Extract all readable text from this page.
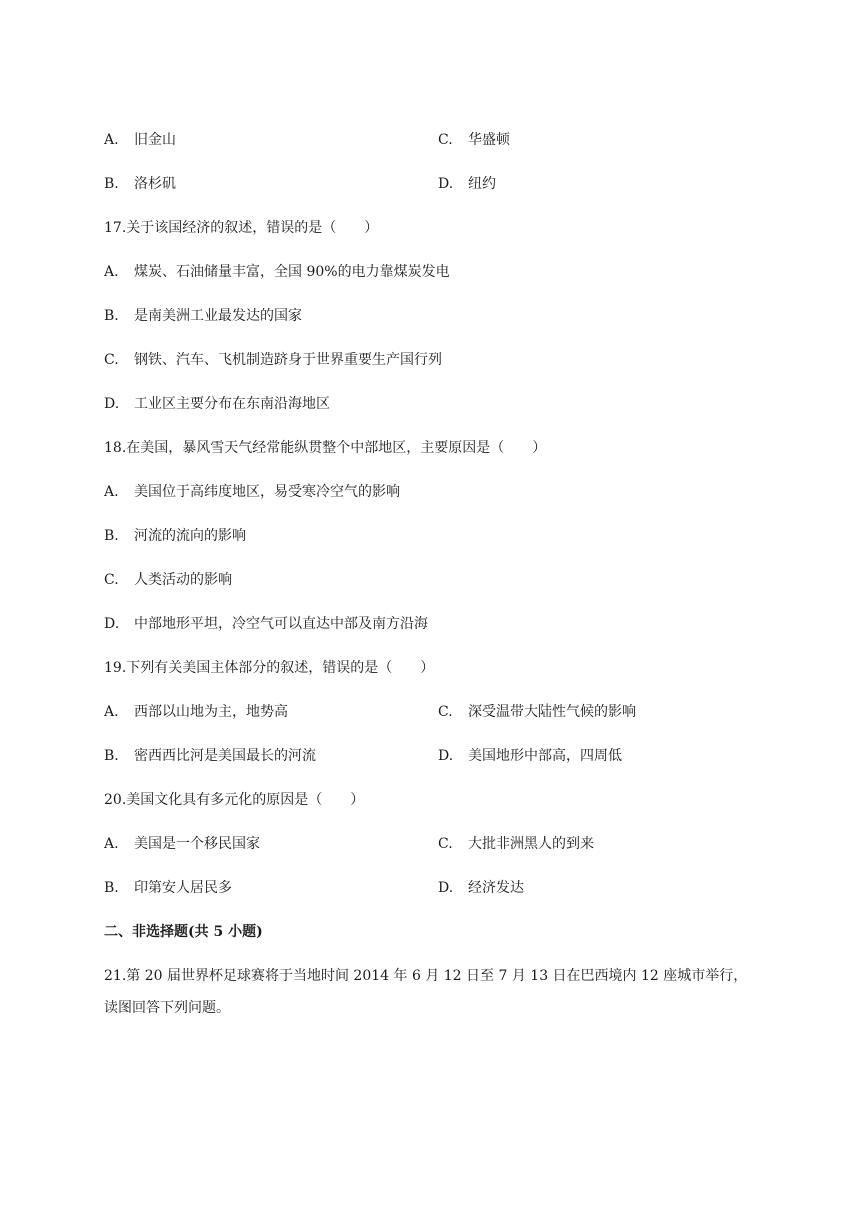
A. 旧金山	C. 华盛顿
B. 洛杉矶	D. 纽约
17.关于该国经济的叙述，错误的是（　　）
A. 煤炭、石油储量丰富，全国 90%的电力靠煤炭发电
B. 是南美洲工业最发达的国家
C. 钢铁、汽车、飞机制造跻身于世界重要生产国行列
D. 工业区主要分布在东南沿海地区
18.在美国，暴风雪天气经常能纵贯整个中部地区，主要原因是（　　）
A. 美国位于高纬度地区，易受寒冷空气的影响
B. 河流的流向的影响
C. 人类活动的影响
D. 中部地形平坦，冷空气可以直达中部及南方沿海
19.下列有关美国主体部分的叙述，错误的是（　　）
A. 西部以山地为主，地势高	C. 深受温带大陆性气候的影响
B. 密西西比河是美国最长的河流	D. 美国地形中部高，四周低
20.美国文化具有多元化的原因是（　　）
A. 美国是一个移民国家	C. 大批非洲黑人的到来
B. 印第安人居民多	D. 经济发达
二、非选择题(共 5 小题)
21.第 20 届世界杯足球赛将于当地时间 2014 年 6 月 12 日至 7 月 13 日在巴西境内 12 座城市举行，
读图回答下列问题。
